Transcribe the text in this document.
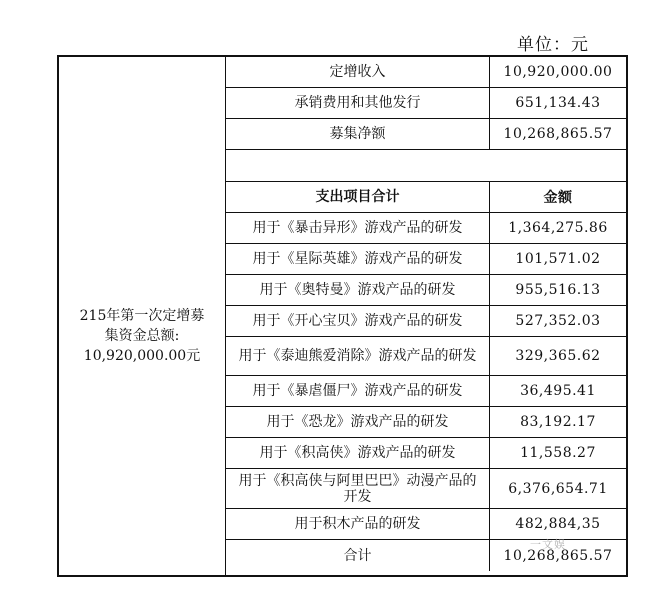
单位：元
215年第一次定增募
集资金总额:
10,920,000.00元
定增收入	10,920,000.00
承销费用和其他发行	651,134.43
募集净额	10,268,865.57
支出项目合计	金额
用于《暴击异形》游戏产品的研发	1,364,275.86
用于《星际英雄》游戏产品的研发	101,571.02
用于《奥特曼》游戏产品的研发	955,516.13
用于《开心宝贝》游戏产品的研发	527,352.03
用于《泰迪熊爱消除》游戏产品的研发	329,365.62
用于《暴虐僵尸》游戏产品的研发	36,495.41
用于《恐龙》游戏产品的研发	83,192.17
用于《积高侠》游戏产品的研发	11,558.27
用于《积高侠与阿里巴巴》动漫产品的开发	6,376,654.71
用于积木产品的研发	482,884,35
合计	10,268,865.57
一文娱
